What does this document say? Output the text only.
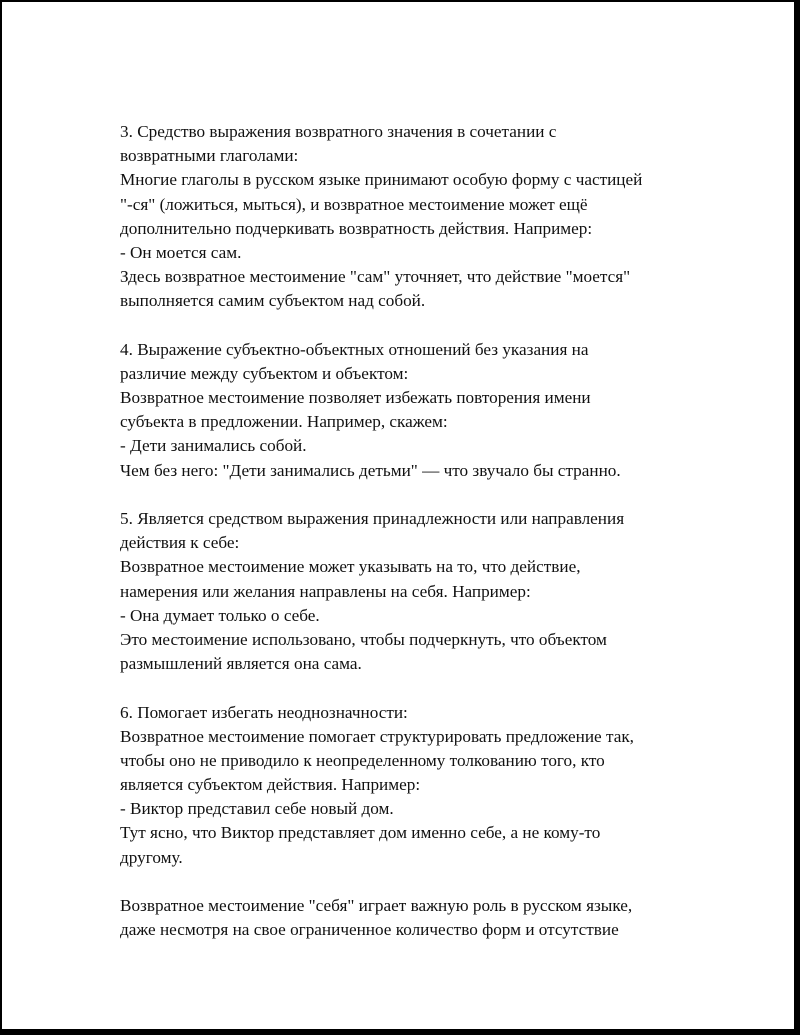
3. Средство выражения возвратного значения в сочетании с
возвратными глаголами:
Многие глаголы в русском языке принимают особую форму с частицей
"-ся" (ложиться, мыться), и возвратное местоимение может ещё
дополнительно подчеркивать возвратность действия. Например:
- Он моется сам.
Здесь возвратное местоимение "сам" уточняет, что действие "моется"
выполняется самим субъектом над собой.
4. Выражение субъектно-объектных отношений без указания на
различие между субъектом и объектом:
Возвратное местоимение позволяет избежать повторения имени
субъекта в предложении. Например, скажем:
- Дети занимались собой.
Чем без него: "Дети занимались детьми" — что звучало бы странно.
5. Является средством выражения принадлежности или направления
действия к себе:
Возвратное местоимение может указывать на то, что действие,
намерения или желания направлены на себя. Например:
- Она думает только о себе.
Это местоимение использовано, чтобы подчеркнуть, что объектом
размышлений является она сама.
6. Помогает избегать неоднозначности:
Возвратное местоимение помогает структурировать предложение так,
чтобы оно не приводило к неопределенному толкованию того, кто
является субъектом действия. Например:
- Виктор представил себе новый дом.
Тут ясно, что Виктор представляет дом именно себе, а не кому-то
другому.
Возвратное местоимение "себя" играет важную роль в русском языке,
даже несмотря на свое ограниченное количество форм и отсутствие
